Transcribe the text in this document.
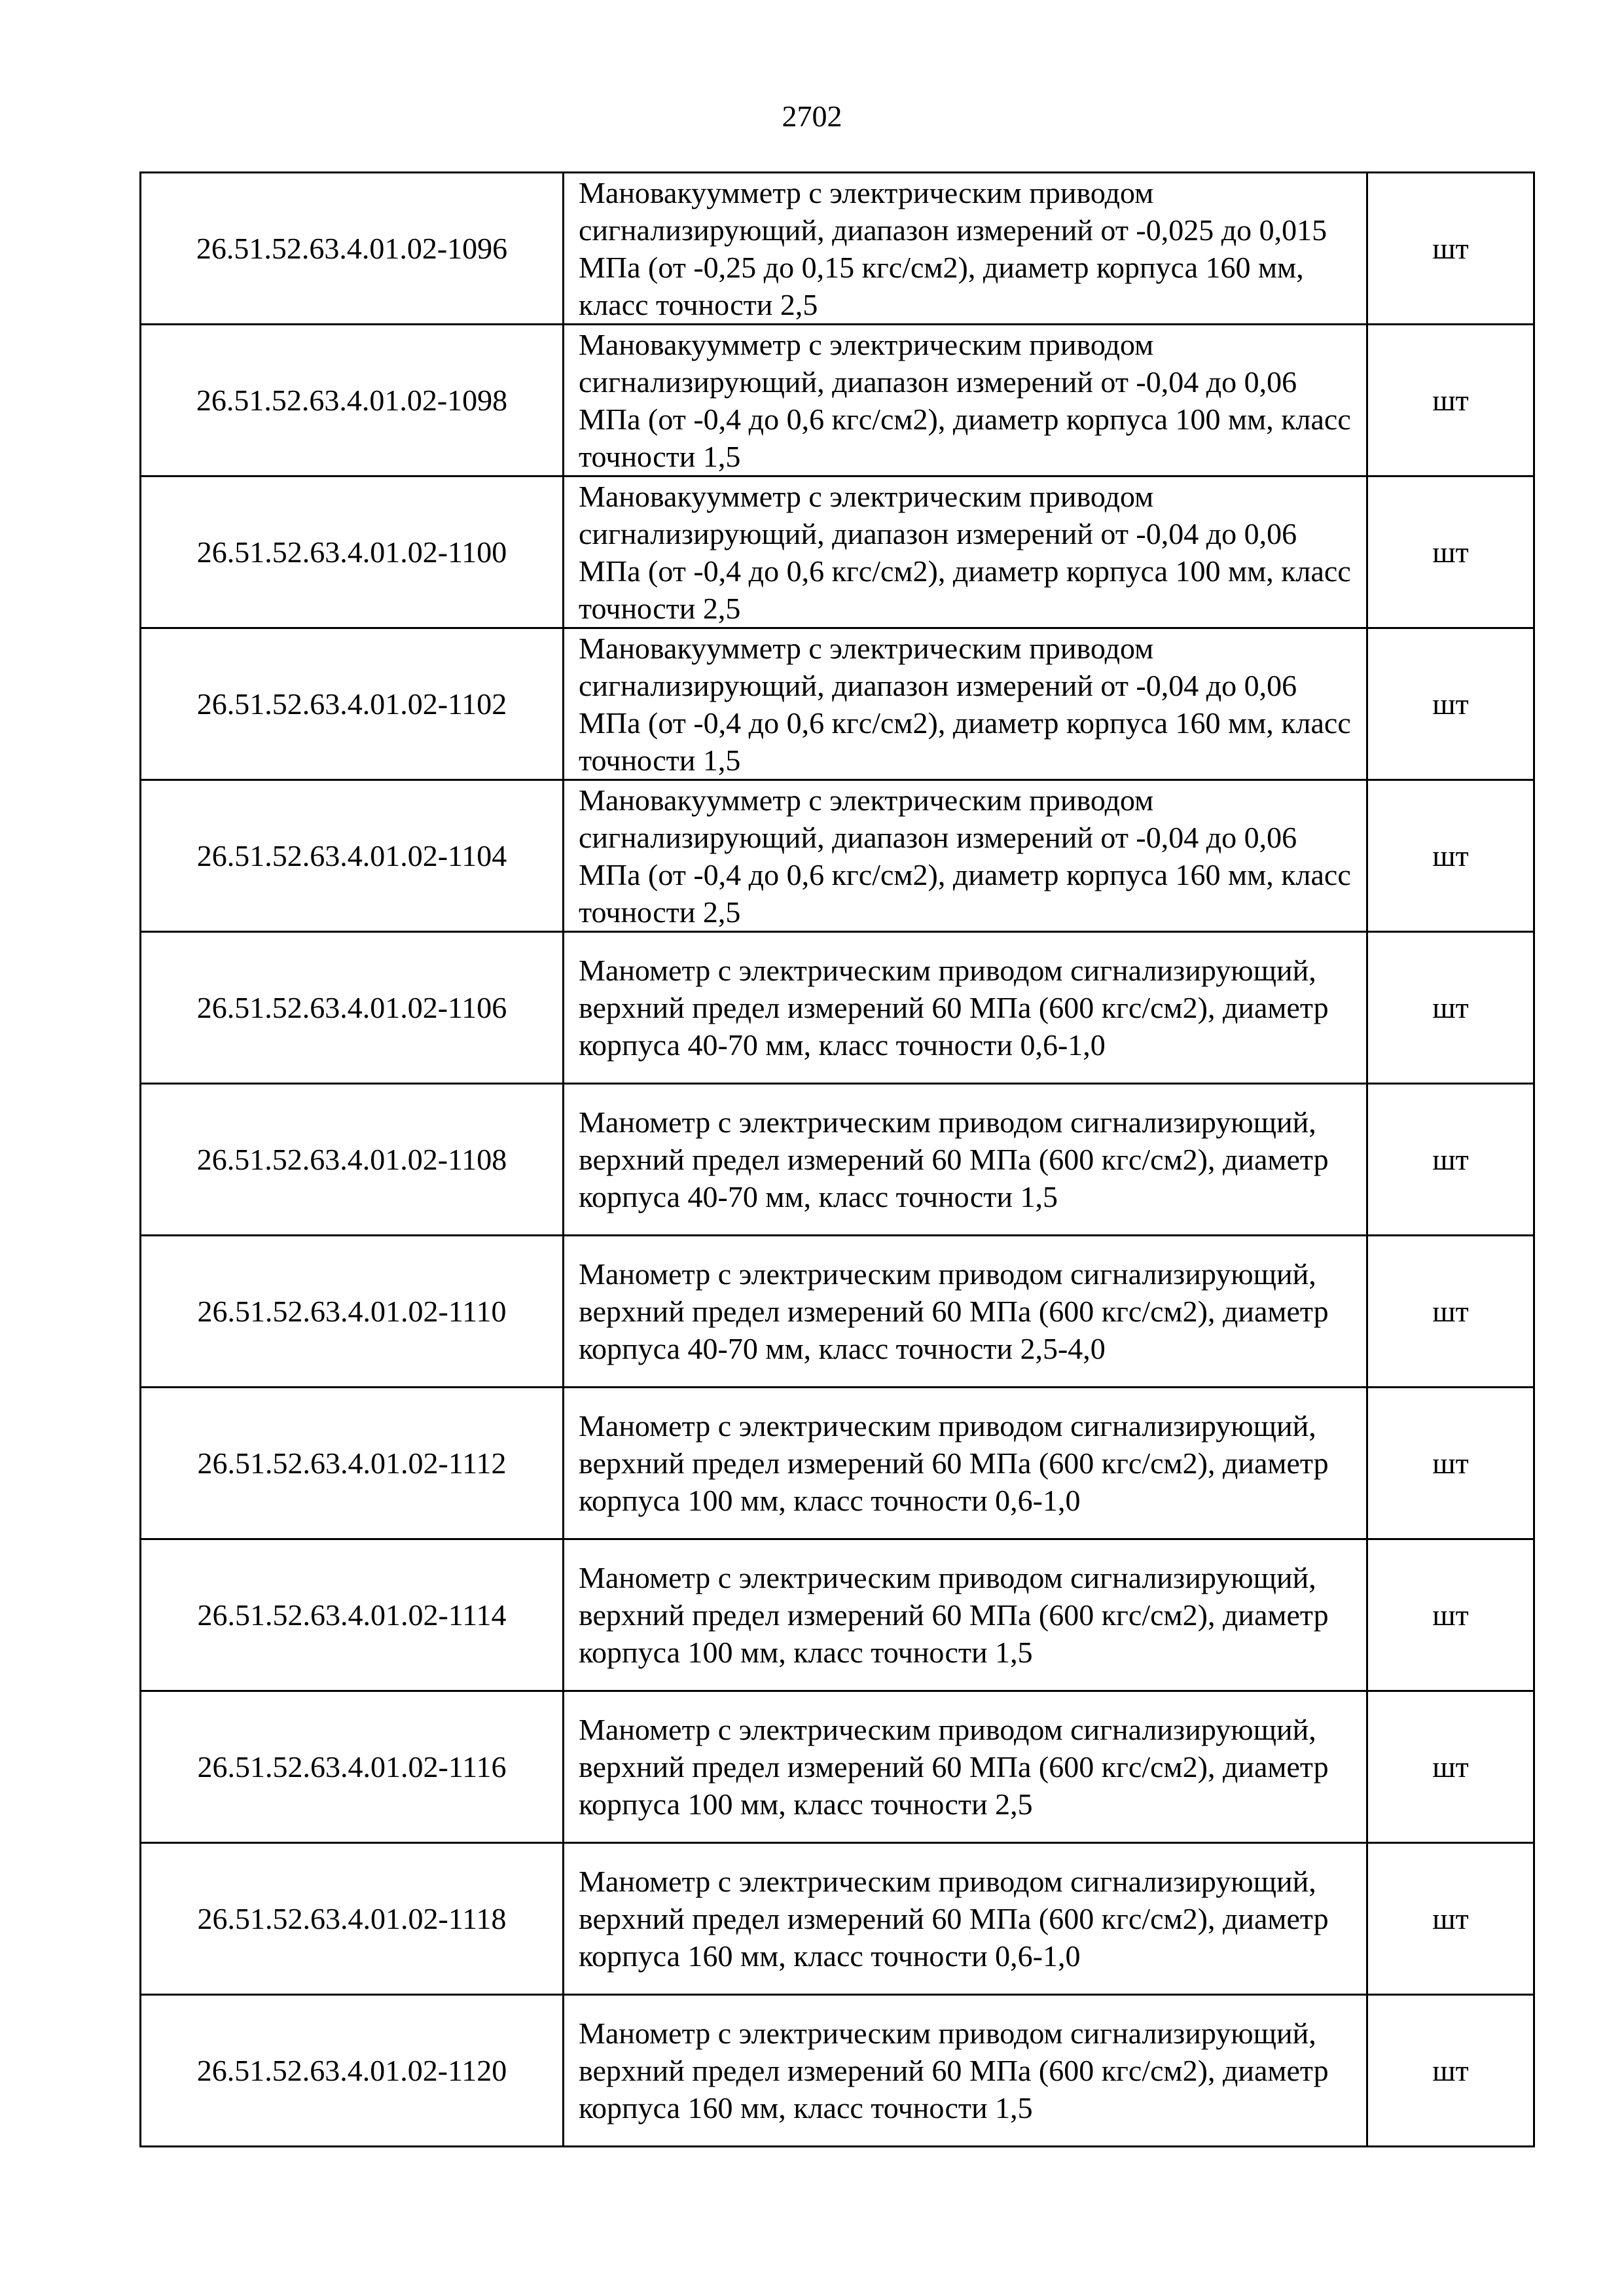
2702
26.51.52.63.4.01.02-1096	Мановакуумметр с электрическим приводом сигнализирующий, диапазон измерений от -0,025 до 0,015 МПа (от -0,25 до 0,15 кгс/см2), диаметр корпуса 160 мм, класс точности 2,5	шт
26.51.52.63.4.01.02-1098	Мановакуумметр с электрическим приводом сигнализирующий, диапазон измерений от -0,04 до 0,06 МПа (от -0,4 до 0,6 кгс/см2), диаметр корпуса 100 мм, класс точности 1,5	шт
26.51.52.63.4.01.02-1100	Мановакуумметр с электрическим приводом сигнализирующий, диапазон измерений от -0,04 до 0,06 МПа (от -0,4 до 0,6 кгс/см2), диаметр корпуса 100 мм, класс точности 2,5	шт
26.51.52.63.4.01.02-1102	Мановакуумметр с электрическим приводом сигнализирующий, диапазон измерений от -0,04 до 0,06 МПа (от -0,4 до 0,6 кгс/см2), диаметр корпуса 160 мм, класс точности 1,5	шт
26.51.52.63.4.01.02-1104	Мановакуумметр с электрическим приводом сигнализирующий, диапазон измерений от -0,04 до 0,06 МПа (от -0,4 до 0,6 кгс/см2), диаметр корпуса 160 мм, класс точности 2,5	шт
26.51.52.63.4.01.02-1106	Манометр с электрическим приводом сигнализирующий, верхний предел измерений 60 МПа (600 кгс/см2), диаметр корпуса 40-70 мм, класс точности 0,6-1,0	шт
26.51.52.63.4.01.02-1108	Манометр с электрическим приводом сигнализирующий, верхний предел измерений 60 МПа (600 кгс/см2), диаметр корпуса 40-70 мм, класс точности 1,5	шт
26.51.52.63.4.01.02-1110	Манометр с электрическим приводом сигнализирующий, верхний предел измерений 60 МПа (600 кгс/см2), диаметр корпуса 40-70 мм, класс точности 2,5-4,0	шт
26.51.52.63.4.01.02-1112	Манометр с электрическим приводом сигнализирующий, верхний предел измерений 60 МПа (600 кгс/см2), диаметр корпуса 100 мм, класс точности 0,6-1,0	шт
26.51.52.63.4.01.02-1114	Манометр с электрическим приводом сигнализирующий, верхний предел измерений 60 МПа (600 кгс/см2), диаметр корпуса 100 мм, класс точности 1,5	шт
26.51.52.63.4.01.02-1116	Манометр с электрическим приводом сигнализирующий, верхний предел измерений 60 МПа (600 кгс/см2), диаметр корпуса 100 мм, класс точности 2,5	шт
26.51.52.63.4.01.02-1118	Манометр с электрическим приводом сигнализирующий, верхний предел измерений 60 МПа (600 кгс/см2), диаметр корпуса 160 мм, класс точности 0,6-1,0	шт
26.51.52.63.4.01.02-1120	Манометр с электрическим приводом сигнализирующий, верхний предел измерений 60 МПа (600 кгс/см2), диаметр корпуса 160 мм, класс точности 1,5	шт
